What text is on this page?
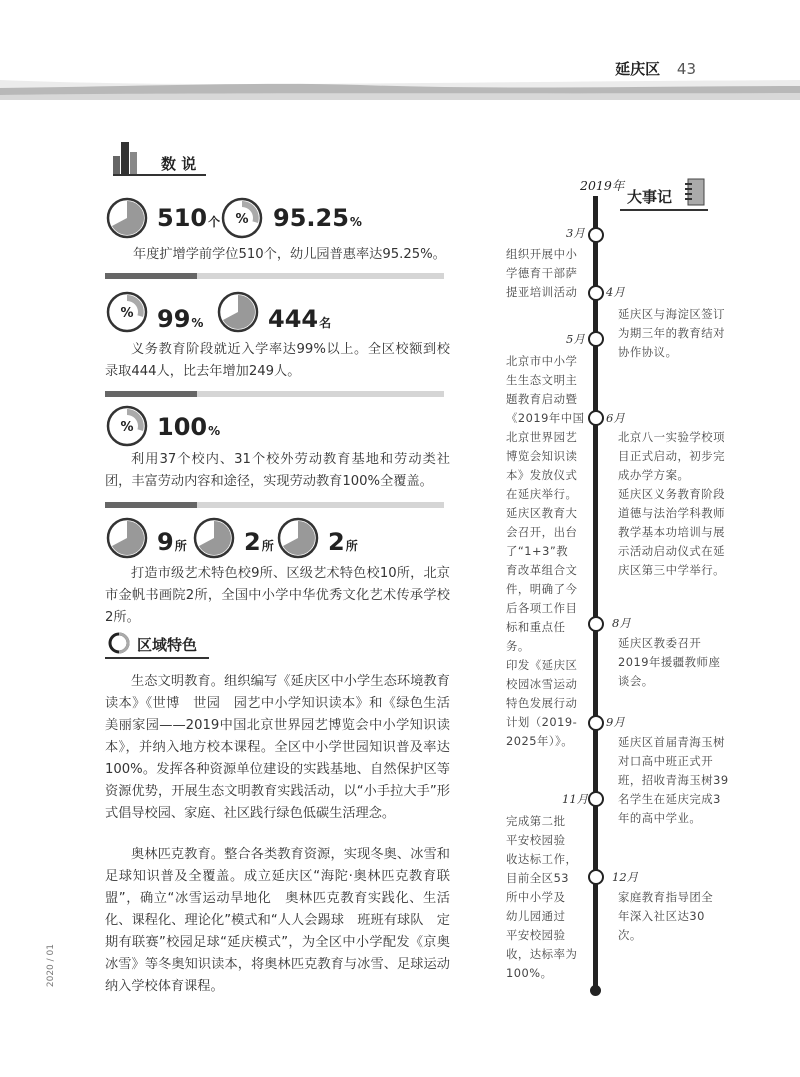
延庆区 43
数 说
510个 % 95.25%

年度扩增学前学位510个，幼儿园普惠率达95.25%。

% 99%	444名

义务教育阶段就近入学率达99%以上。全区校额到校录取444人，比去年增加249人。

% 100%

利用37个校内、31个校外劳动教育基地和劳动类社团，丰富劳动内容和途径，实现劳动教育100%全覆盖。

9所 2所 2所

打造市级艺术特色校9所、区级艺术特色校10所，北京市金帆书画院2所，全国中小学中华优秀文化艺术传承学校2所。

区域特色

生态文明教育。组织编写《延庆区中小学生态环境教育读本》《世博　世园　园艺中小学知识读本》和《绿色生活　美丽家园——2019中国北京世界园艺博览会中小学知识读本》，并纳入地方校本课程。全区中小学世园知识普及率达100%。发挥各种资源单位建设的实践基地、自然保护区等资源优势，开展生态文明教育实践活动，以“小手拉大手”形式倡导校园、家庭、社区践行绿色低碳生活理念。

奥林匹克教育。整合各类教育资源，实现冬奥、冰雪和足球知识普及全覆盖。成立延庆区“海陀·奥林匹克教育联盟”，确立“冰雪运动旱地化　奥林匹克教育实践化、生活化、课程化、理论化”模式和“人人会踢球　班班有球队　定期有联赛”校园足球“延庆模式”，为全区中小学配发《京奥冰雪》等冬奥知识读本，将奥林匹克教育与冰雪、足球运动纳入学校体育课程。

2020 / 01
2019年
大事记
3月
4月
5月
6月
8月
9月
11月
12月

组织开展中小

学德育干部萨

提亚培训活动

延庆区与海淀区签订

为期三年的教育结对

协作协议。

北京市中小学

生生态文明主

题教育启动暨

《2019年中国

北京世界园艺

博览会知识读

本》发放仪式

在延庆举行。

延庆区教育大

会召开，出台

了“1+3”教

育改革组合文

件，明确了今

后各项工作目

标和重点任

务。

印发《延庆区

校园冰雪运动

特色发展行动

计划（2019-

2025年）》。

北京八一实验学校项

目正式启动，初步完

成办学方案。

延庆区义务教育阶段

道德与法治学科教师

教学基本功培训与展

示活动启动仪式在延

庆区第三中学举行。

延庆区教委召开

2019年援疆教师座

谈会。

延庆区首届青海玉树

对口高中班正式开

班，招收青海玉树39

名学生在延庆完成3

年的高中学业。

完成第二批

平安校园验

收达标工作，

目前全区53

所中小学及

幼儿园通过

平安校园验

收，达标率为

100%。

家庭教育指导团全

年深入社区达30

次。
